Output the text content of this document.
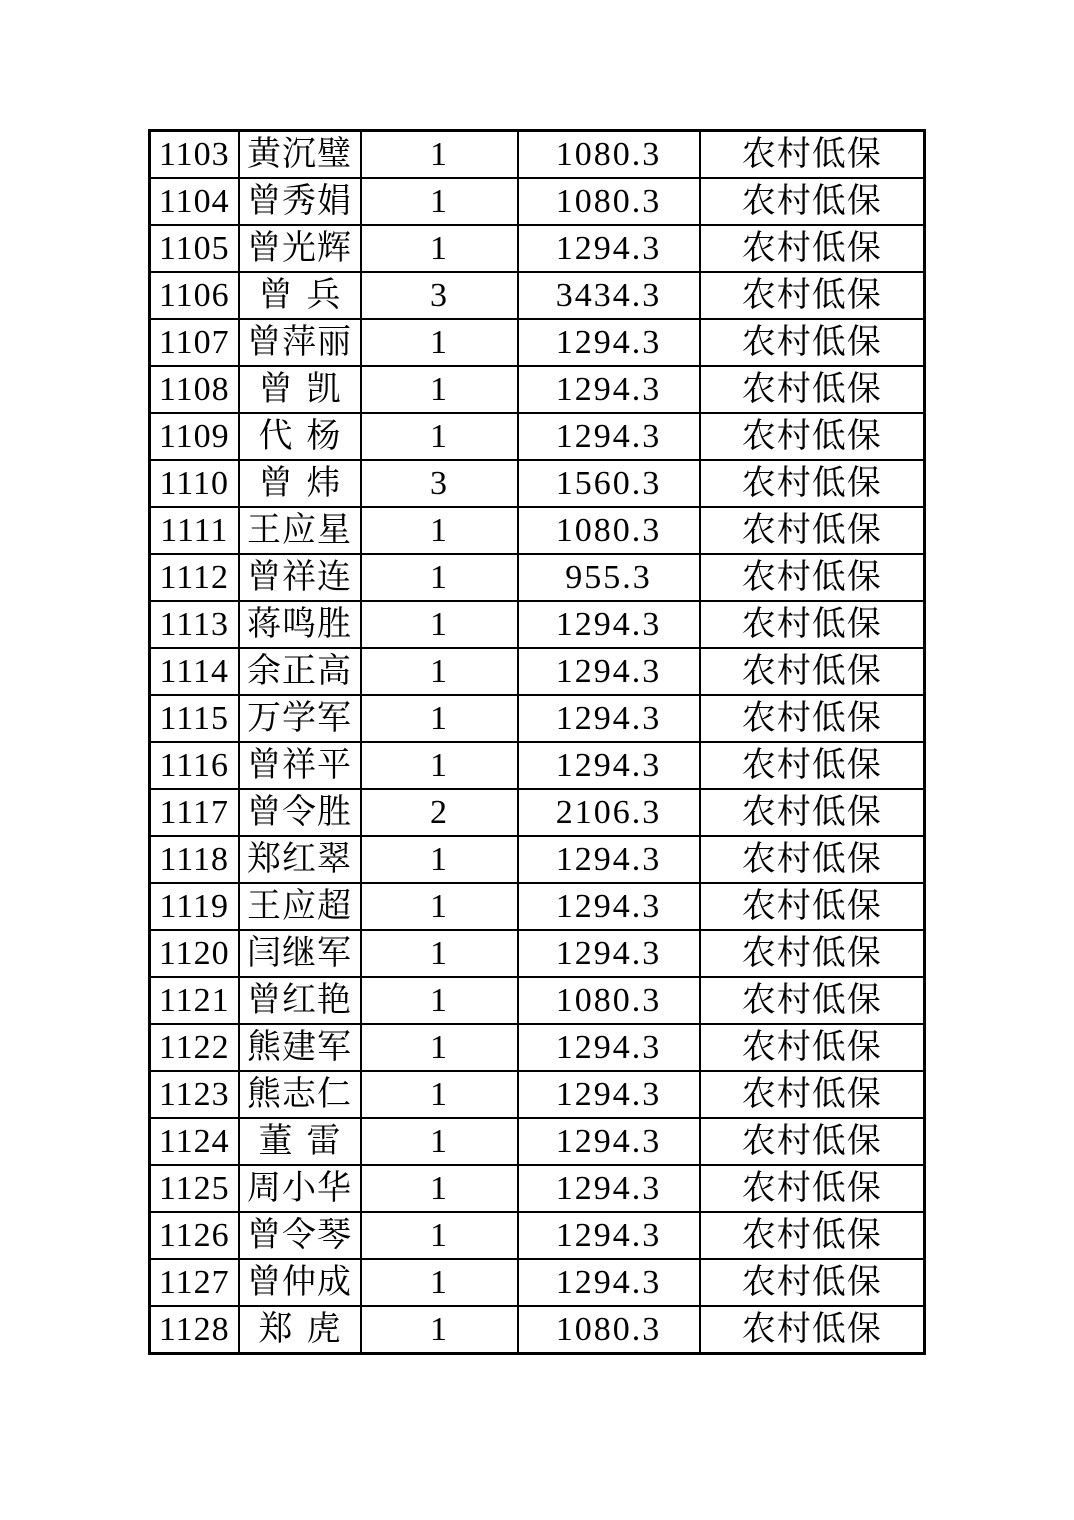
1103	黄沉璧	1	1080.3	农村低保
1104	曾秀娟	1	1080.3	农村低保
1105	曾光辉	1	1294.3	农村低保
1106	曾兵	3	3434.3	农村低保
1107	曾萍丽	1	1294.3	农村低保
1108	曾凯	1	1294.3	农村低保
1109	代杨	1	1294.3	农村低保
1110	曾炜	3	1560.3	农村低保
1111	王应星	1	1080.3	农村低保
1112	曾祥连	1	955.3	农村低保
1113	蒋鸣胜	1	1294.3	农村低保
1114	余正高	1	1294.3	农村低保
1115	万学军	1	1294.3	农村低保
1116	曾祥平	1	1294.3	农村低保
1117	曾令胜	2	2106.3	农村低保
1118	郑红翠	1	1294.3	农村低保
1119	王应超	1	1294.3	农村低保
1120	闫继军	1	1294.3	农村低保
1121	曾红艳	1	1080.3	农村低保
1122	熊建军	1	1294.3	农村低保
1123	熊志仁	1	1294.3	农村低保
1124	董雷	1	1294.3	农村低保
1125	周小华	1	1294.3	农村低保
1126	曾令琴	1	1294.3	农村低保
1127	曾仲成	1	1294.3	农村低保
1128	郑虎	1	1080.3	农村低保
